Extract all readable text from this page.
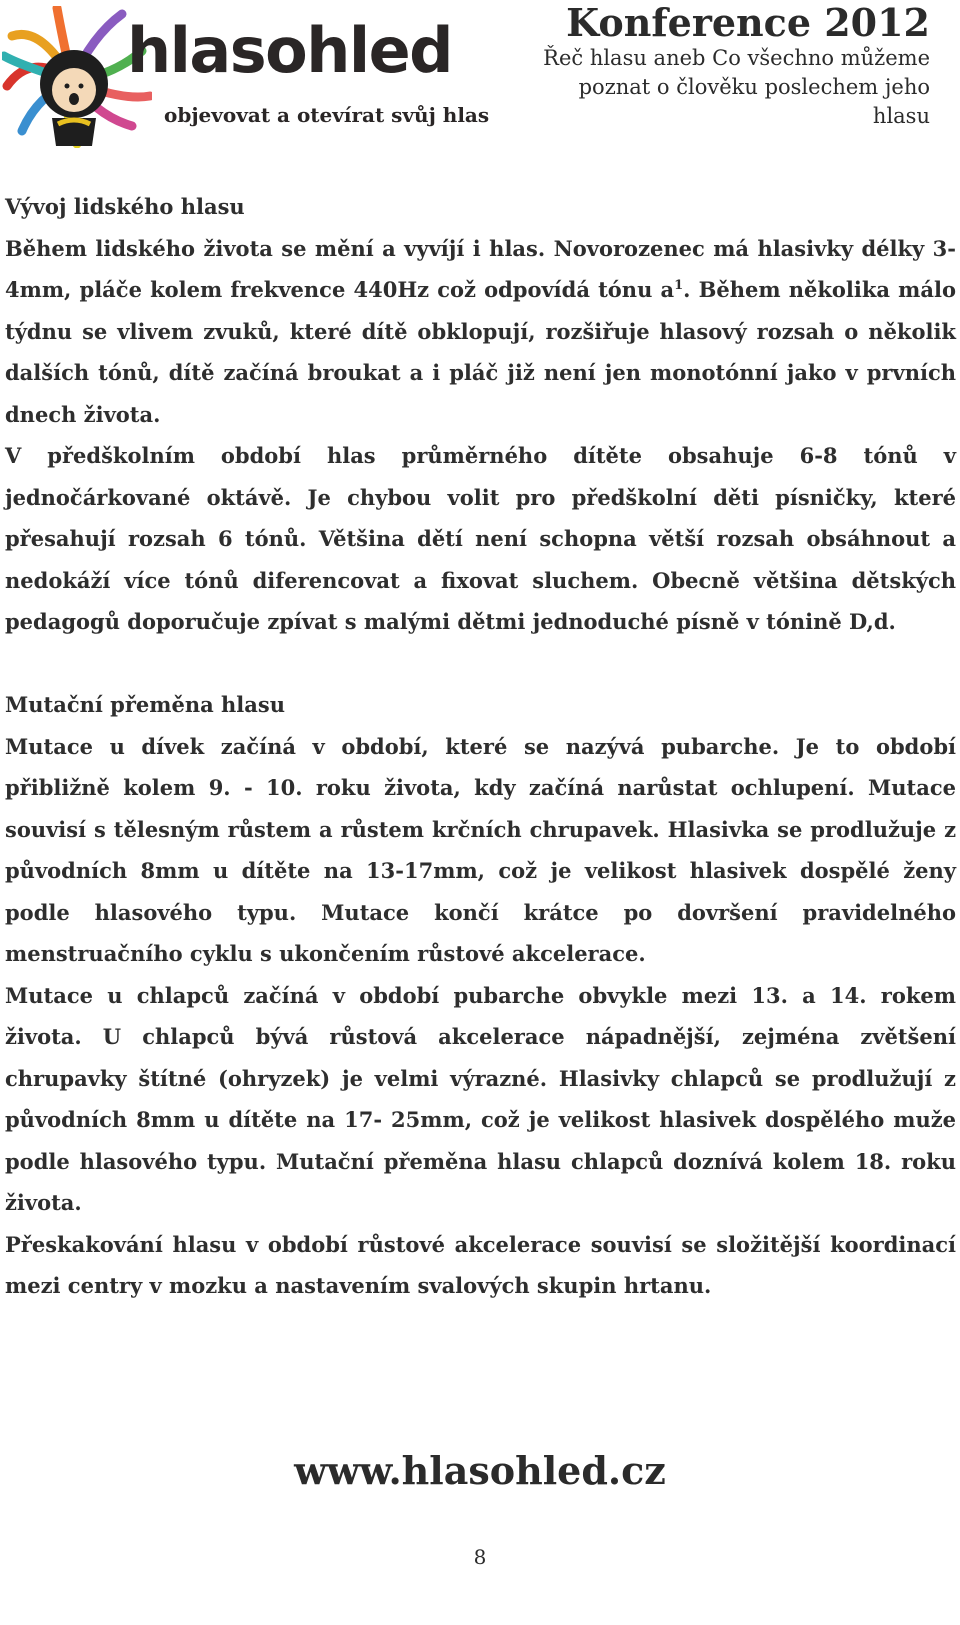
hlasohled
objevovat a otevírat svůj hlas
Konference 2012
Řeč hlasu aneb Co všechno můžeme
poznat o člověku poslechem jeho
hlasu
Vývoj lidského hlasu

Během lidského života se mění a vyvíjí i hlas. Novorozenec má hlasivky délky 3-4mm, pláče kolem frekvence 440Hz což odpovídá tónu $a^1$. Během několika málo týdnu se vlivem zvuků, které dítě obklopují, rozšiřuje hlasový rozsah o několik dalších tónů, dítě začíná broukat a i pláč již není jen monotónní jako v prvních dnech života.

V předškolním období hlas průměrného dítěte obsahuje 6-8 tónů v jednočárkované oktávě. Je chybou volit pro předškolní děti písničky, které přesahují rozsah 6 tónů. Většina dětí není schopna větší rozsah obsáhnout a nedokáží více tónů diferencovat a fixovat sluchem. Obecně většina dětských pedagogů doporučuje zpívat s malými dětmi jednoduché písně v tónině D,d.

Mutační přeměna hlasu

Mutace u dívek začíná v období, které se nazývá pubarche. Je to období přibližně kolem 9. - 10. roku života, kdy začíná narůstat ochlupení. Mutace souvisí s tělesným růstem a růstem krčních chrupavek. Hlasivka se prodlužuje z původních 8mm u dítěte na 13-17mm, což je velikost hlasivek dospělé ženy podle hlasového typu. Mutace končí krátce po dovršení pravidelného menstruačního cyklu s ukončením růstové akcelerace.

Mutace u chlapců začíná v období pubarche obvykle mezi 13. a 14. rokem života. U chlapců bývá růstová akcelerace nápadnější, zejména zvětšení chrupavky štítné (ohryzek) je velmi výrazné. Hlasivky chlapců se prodlužují z původních 8mm u dítěte na 17- 25mm, což je velikost hlasivek dospělého muže podle hlasového typu. Mutační přeměna hlasu chlapců doznívá kolem 18. roku života.

Přeskakování hlasu v období růstové akcelerace souvisí se složitější koordinací mezi centry v mozku a nastavením svalových skupin hrtanu.

www.hlasohled.cz
8
